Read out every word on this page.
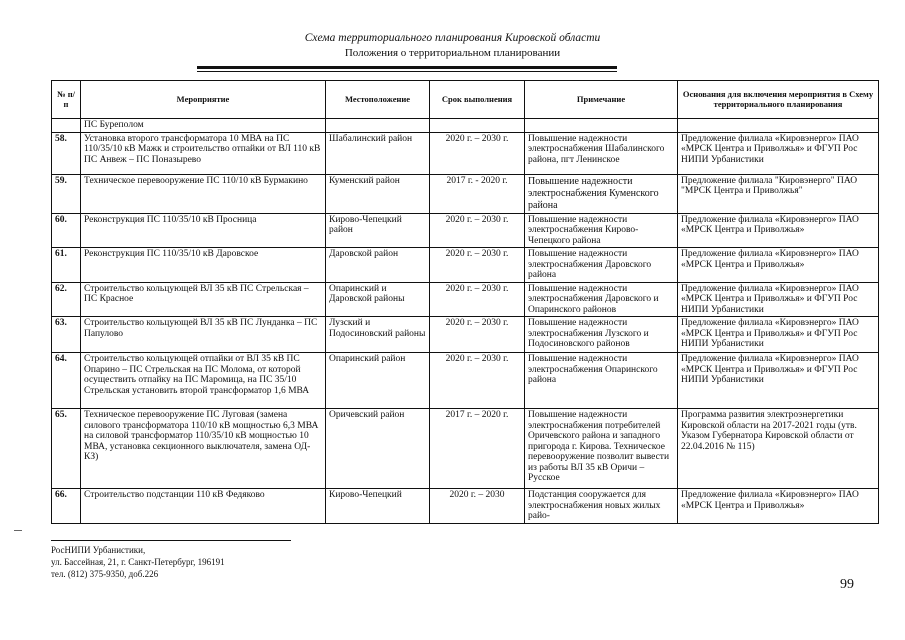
Схема территориального планирования Кировской области
Положения о территориальном планировании
№ п/п	Мероприятие	Местоположение	Срок выполнения	Примечание	Основания для включения мероприятия в Схему территориального планирования
	ПС Бурепoлом				
58.	Установка второго трансформатора 10 МВА на ПС 110/35/10 кВ Мажк и строительство отпайки от ВЛ 110 кВ ПС Анвеж – ПС Поназырево	Шабалинский район	2020 г. – 2030 г.	Повышение надежности электроснабжения Шабалинского района, пгт Ленинское	Предложение филиала «Кировэнерго» ПАО «МРСК Центра и Приволжья» и ФГУП Рос НИПИ Урбанистики
59.	Техническое перевооружение ПС 110/10 кВ Бурмакино	Куменский район	2017 г. - 2020 г.	Повышение надежности электроснабжения Куменского района	Предложение филиала "Кировэнерго" ПАО "МРСК Центра и Приволжья"
60.	Реконструкция ПС 110/35/10 кВ Просница	Кирово-Чепецкий район	2020 г. – 2030 г.	Повышение надежности электроснабжения Кирово-Чепецкого района	Предложение филиала «Кировэнерго» ПАО «МРСК Центра и Приволжья»
61.	Реконструкция ПС 110/35/10 кВ Даровское	Даровской район	2020 г. – 2030 г.	Повышение надежности электроснабжения Даровского района	Предложение филиала «Кировэнерго» ПАО «МРСК Центра и Приволжья»
62.	Строительство кольцующей ВЛ 35 кВ ПС Стрельская – ПС Красное	Опаринский и Даровской районы	2020 г. – 2030 г.	Повышение надежности электроснабжения Даровского и Опаринского районов	Предложение филиала «Кировэнерго» ПАО «МРСК Центра и Приволжья» и ФГУП Рос НИПИ Урбанистики
63.	Строительство кольцующей ВЛ 35 кВ ПС Лунданка – ПС Папулово	Лузский и Подосиновский районы	2020 г. – 2030 г.	Повышение надежности электроснабжения Лузского и Подосиновского районов	Предложение филиала «Кировэнерго» ПАО «МРСК Центра и Приволжья» и ФГУП Рос НИПИ Урбанистики
64.	Строительство кольцующей отпайки от ВЛ 35 кВ ПС Опарино – ПС Стрельская на ПС Молома, от которой осуществить отпайку на ПС Маромица, на ПС 35/10 Стрельская установить второй трансформатор 1,6 МВА	Опаринский район	2020 г. – 2030 г.	Повышение надежности электроснабжения Опаринского района	Предложение филиала «Кировэнерго» ПАО «МРСК Центра и Приволжья» и ФГУП Рос НИПИ Урбанистики
65.	Техническое перевооружение ПС Луговая (замена силового трансформатора 110/10 кВ мощностью 6,3 МВА на силовой трансформатор 110/35/10 кВ мощностью 10 МВА, установка секционного выключателя, замена ОД-КЗ)	Оричевский район	2017 г. – 2020 г.	Повышение надежности электроснабжения потребителей Оричевского района и западного пригорода г. Кирова. Техническое перевооружение позволит вывести из работы ВЛ 35 кВ Оричи – Русское	Программа развития электроэнергетики Кировской области на 2017-2021 годы (утв. Указом Губернатора Кировской области от 22.04.2016 № 115)
66.	Строительство подстанции 110 кВ Федяково	Кирово-Чепецкий	2020 г. – 2030	Подстанция сооружается для электроснабжения новых жилых райо-	Предложение филиала «Кировэнерго» ПАО «МРСК Центра и Приволжья»
РосНИПИ Урбанистики,
ул. Бассейная, 21, г. Санкт-Петербург, 196191
тел. (812) 375-9350, доб.226
99
